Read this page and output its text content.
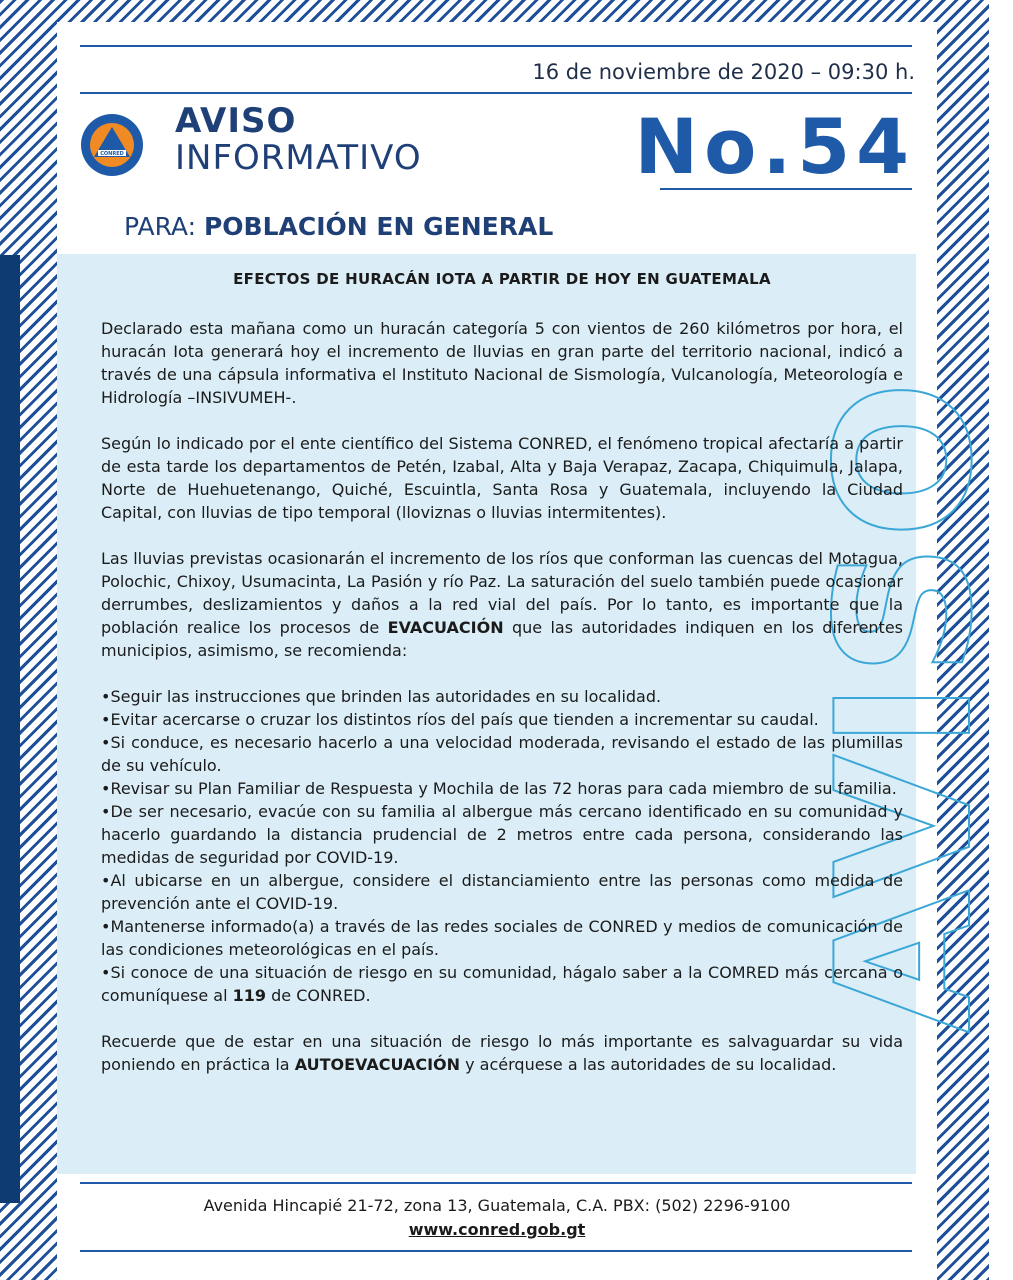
16 de noviembre de 2020 – 09:30 h.
CONRED
AVISO
INFORMATIVO	No.54
PARA: POBLACIÓN EN GENERAL
AVISO
EFECTOS DE HURACÁN IOTA A PARTIR DE HOY EN GUATEMALA

Declarado esta mañana como un huracán categoría 5 con vientos de 260 kilómetros por hora, el huracán Iota generará hoy el incremento de lluvias en gran parte del territorio nacional, indicó a través de una cápsula informativa el Instituto Nacional de Sismología, Vulcanología, Meteorología e Hidrología –INSIVUMEH-.

Según lo indicado por el ente científico del Sistema CONRED, el fenómeno tropical afectaría a partir de esta tarde los departamentos de Petén, Izabal, Alta y Baja Verapaz, Zacapa, Chiquimula, Jalapa, Norte de Huehuetenango, Quiché, Escuintla, Santa Rosa y Guatemala, incluyendo la Ciudad Capital, con lluvias de tipo temporal (lloviznas o lluvias intermitentes).

Las lluvias previstas ocasionarán el incremento de los ríos que conforman las cuencas del Motagua, Polochic, Chixoy, Usumacinta, La Pasión y río Paz. La saturación del suelo también puede ocasionar derrumbes, deslizamientos y daños a la red vial del país. Por lo tanto, es importante que la población realice los procesos de EVACUACIÓN que las autoridades indiquen en los diferentes municipios, asimismo, se recomienda:

•Seguir las instrucciones que brinden las autoridades en su localidad.

•Evitar acercarse o cruzar los distintos ríos del país que tienden a incrementar su caudal.

•Si conduce, es necesario hacerlo a una velocidad moderada, revisando el estado de las plumillas de su vehículo.

•Revisar su Plan Familiar de Respuesta y Mochila de las 72 horas para cada miembro de su familia.

•De ser necesario, evacúe con su familia al albergue más cercano identificado en su comunidad y hacerlo guardando la distancia prudencial de 2 metros entre cada persona, considerando las medidas de seguridad por COVID-19.

•Al ubicarse en un albergue, considere el distanciamiento entre las personas como medida de prevención ante el COVID-19.

•Mantenerse informado(a) a través de las redes sociales de CONRED y medios de comunicación de las condiciones meteorológicas en el país.

•Si conoce de una situación de riesgo en su comunidad, hágalo saber a la COMRED más cercana o comuníquese al 119 de CONRED.

Recuerde que de estar en una situación de riesgo lo más importante es salvaguardar su vida poniendo en práctica la AUTOEVACUACIÓN y acérquese a las autoridades de su localidad.

Avenida Hincapié 21-72, zona 13, Guatemala, C.A. PBX: (502) 2296-9100
www.conred.gob.gt
